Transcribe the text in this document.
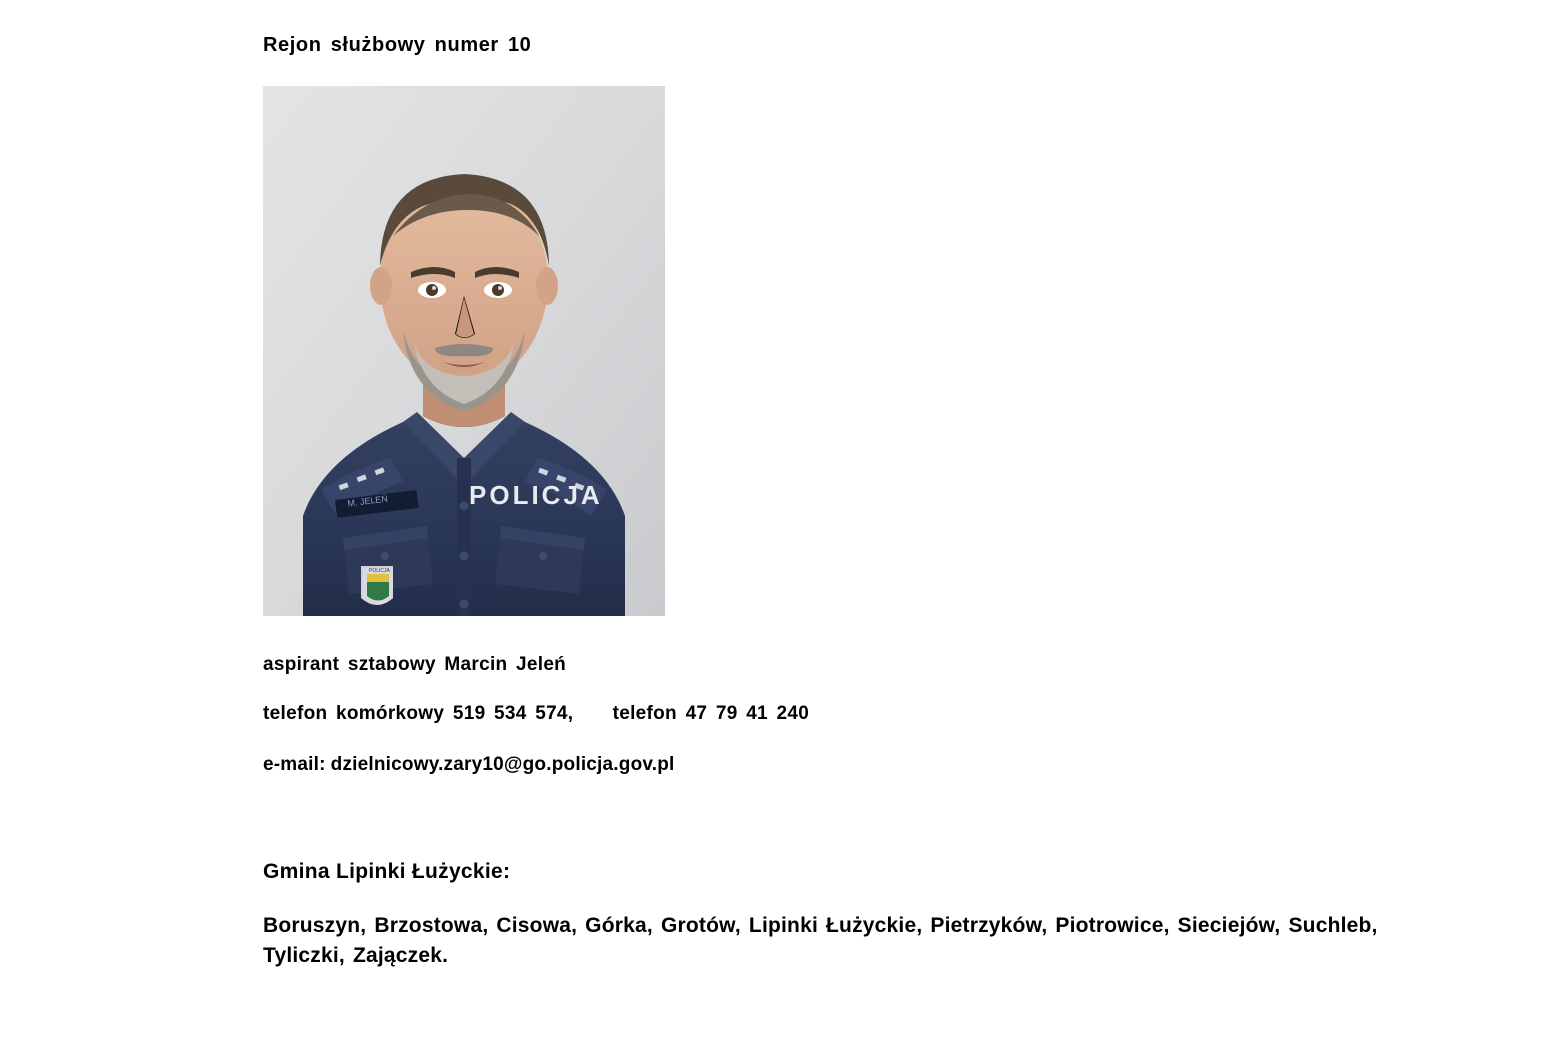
Rejon służbowy numer 10
M. JELEŃ	POLICJA
POLICJA
aspirant sztabowy Marcin Jeleń
telefon komórkowy 519 534 574, telefon 47 79 41 240
e-mail: dzielnicowy.zary10@go.policja.gov.pl
Gmina Lipinki Łużyckie:
Boruszyn, Brzostowa, Cisowa, Górka, Grotów, Lipinki Łużyckie, Pietrzyków, Piotrowice, Sieciejów, Suchleb, Tyliczki, Zajączek.
